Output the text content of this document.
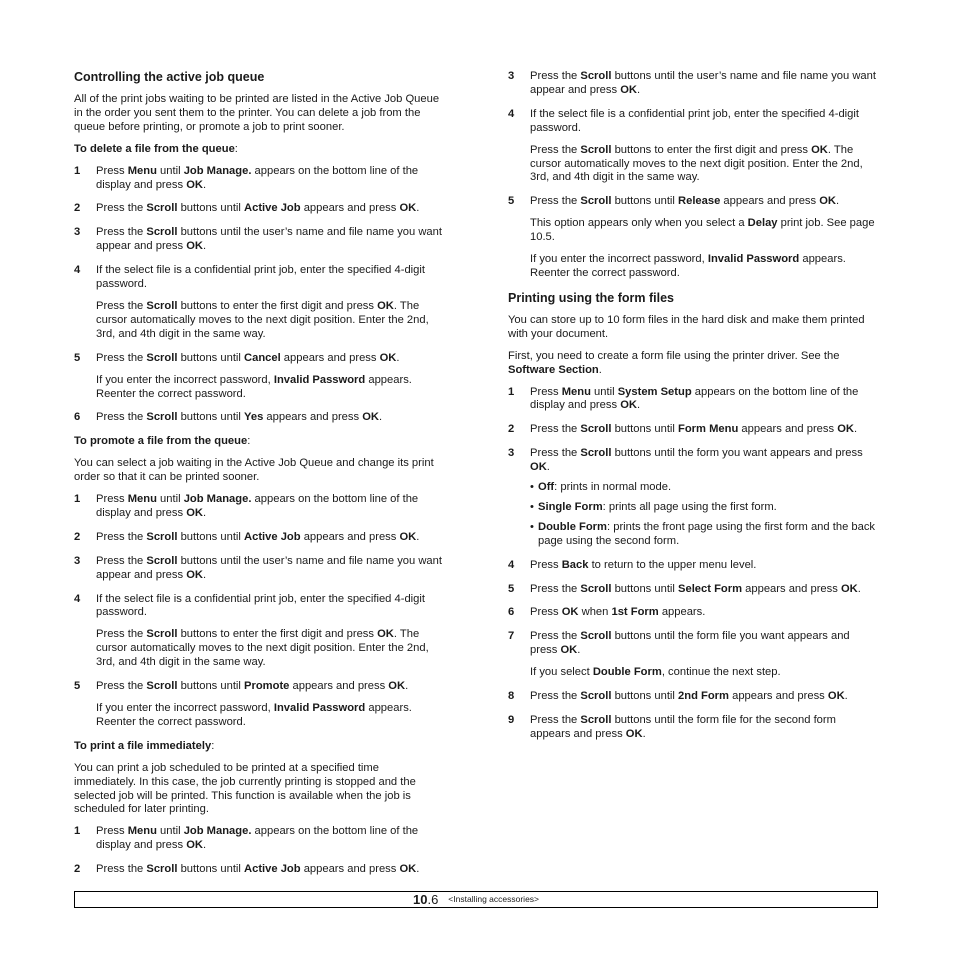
Controlling the active job queue
All of the print jobs waiting to be printed are listed in the Active Job Queue in the order you sent them to the printer. You can delete a job from the queue before printing, or promote a job to print sooner.
To delete a file from the queue:
1 Press Menu until Job Manage. appears on the bottom line of the display and press OK.
2 Press the Scroll buttons until Active Job appears and press OK.
3 Press the Scroll buttons until the user’s name and file name you want appear and press OK.
4 If the select file is a confidential print job, enter the specified 4-digit password.
Press the Scroll buttons to enter the first digit and press OK. The cursor automatically moves to the next digit position. Enter the 2nd, 3rd, and 4th digit in the same way.
5 Press the Scroll buttons until Cancel appears and press OK.
If you enter the incorrect password, Invalid Password appears. Reenter the correct password.
6 Press the Scroll buttons until Yes appears and press OK.
To promote a file from the queue:
You can select a job waiting in the Active Job Queue and change its print order so that it can be printed sooner.
1 Press Menu until Job Manage. appears on the bottom line of the display and press OK.
2 Press the Scroll buttons until Active Job appears and press OK.
3 Press the Scroll buttons until the user’s name and file name you want appear and press OK.
4 If the select file is a confidential print job, enter the specified 4-digit password.
Press the Scroll buttons to enter the first digit and press OK. The cursor automatically moves to the next digit position. Enter the 2nd, 3rd, and 4th digit in the same way.
5 Press the Scroll buttons until Promote appears and press OK.
If you enter the incorrect password, Invalid Password appears. Reenter the correct password.
To print a file immediately:
You can print a job scheduled to be printed at a specified time immediately. In this case, the job currently printing is stopped and the selected job will be printed. This function is available when the job is scheduled for later printing.
1 Press Menu until Job Manage. appears on the bottom line of the display and press OK.
2 Press the Scroll buttons until Active Job appears and press OK.
3 Press the Scroll buttons until the user’s name and file name you want appear and press OK.
4 If the select file is a confidential print job, enter the specified 4-digit password.
Press the Scroll buttons to enter the first digit and press OK. The cursor automatically moves to the next digit position. Enter the 2nd, 3rd, and 4th digit in the same way.
5 Press the Scroll buttons until Release appears and press OK.
This option appears only when you select a Delay print job. See page 10.5.
If you enter the incorrect password, Invalid Password appears. Reenter the correct password.
Printing using the form files
You can store up to 10 form files in the hard disk and make them printed with your document.
First, you need to create a form file using the printer driver. See the Software Section.
1 Press Menu until System Setup appears on the bottom line of the display and press OK.
2 Press the Scroll buttons until Form Menu appears and press OK.
3 Press the Scroll buttons until the form you want appears and press OK.
• Off: prints in normal mode.
• Single Form: prints all page using the first form.
• Double Form: prints the front page using the first form and the back page using the second form.
4 Press Back to return to the upper menu level.
5 Press the Scroll buttons until Select Form appears and press OK.
6 Press OK when 1st Form appears.
7 Press the Scroll buttons until the form file you want appears and press OK.
If you select Double Form, continue the next step.
8 Press the Scroll buttons until 2nd Form appears and press OK.
9 Press the Scroll buttons until the form file for the second form appears and press OK.
10 .6 <Installing accessories>
